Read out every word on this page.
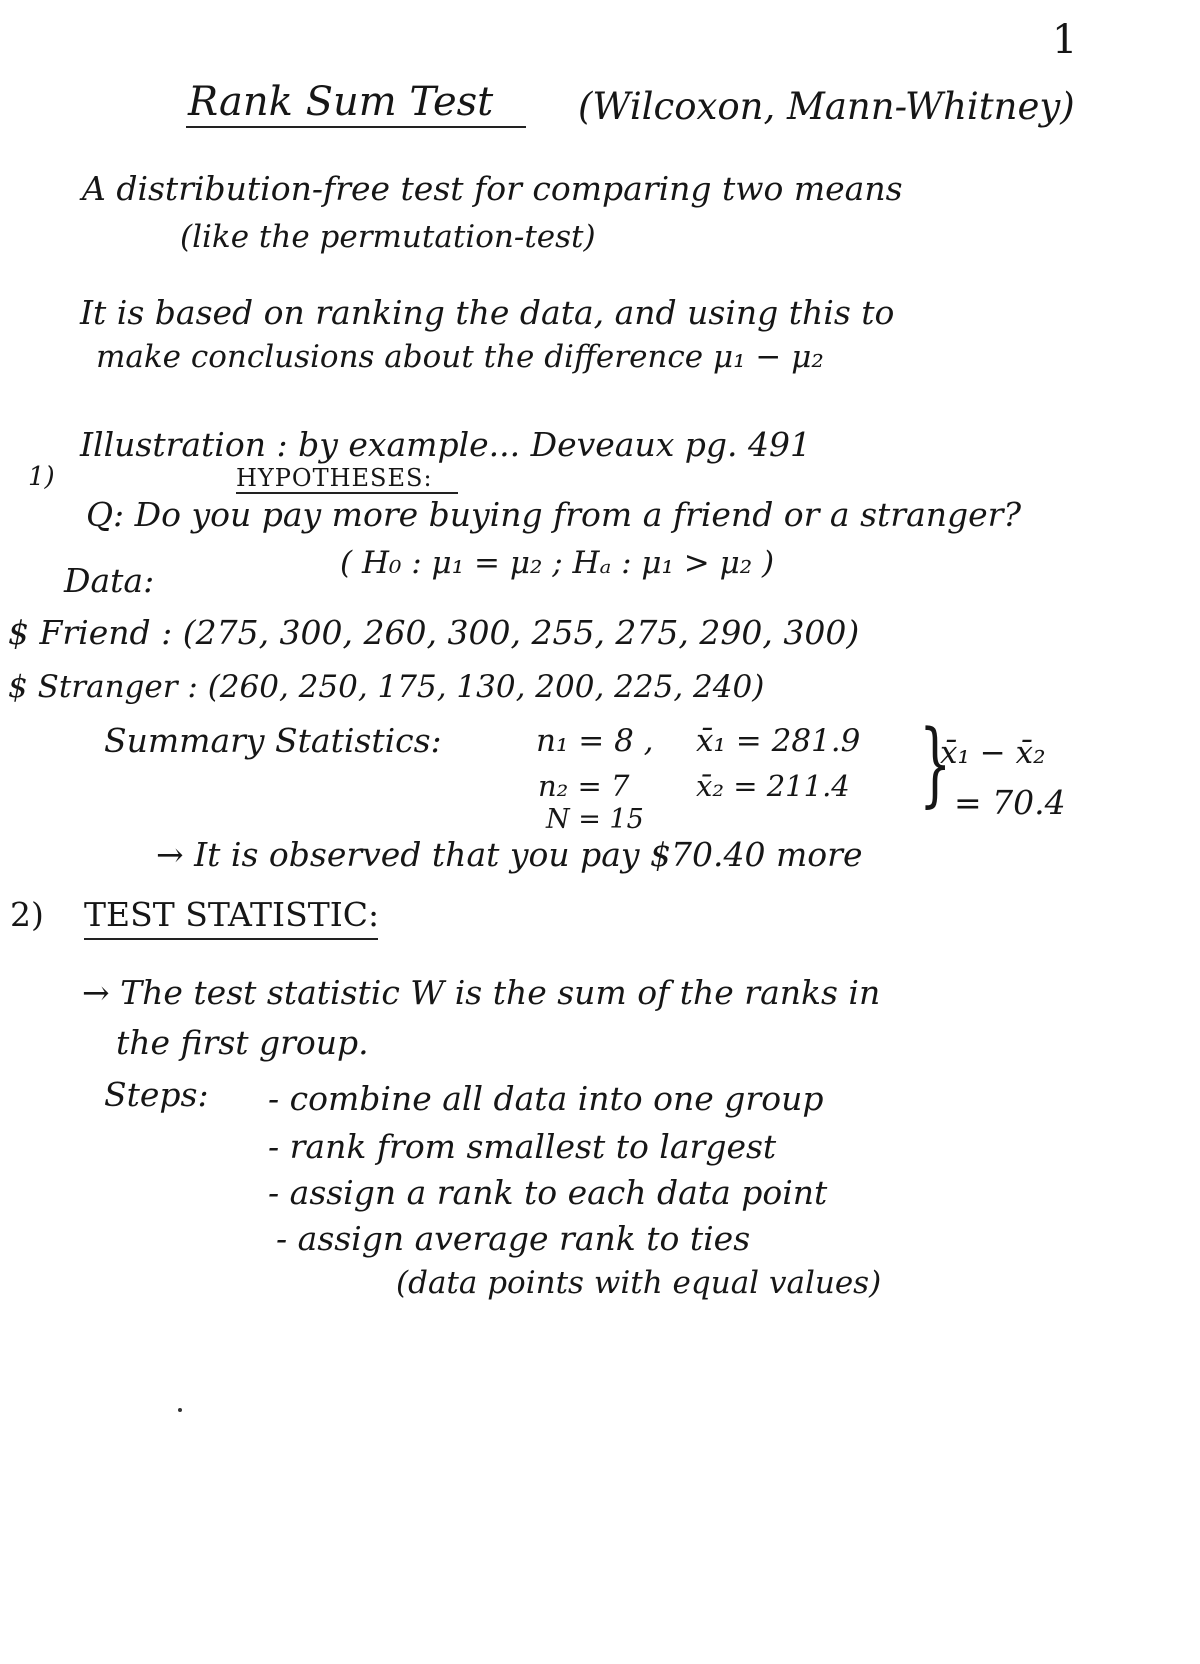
1
Rank Sum Test (Wilcoxon, Mann-Whitney)
A distribution-free test for comparing two means
(like the permutation-test)
It is based on ranking the data, and using this to
make conclusions about the difference μ₁ − μ₂
Illustration : by example... Deveaux pg. 491
1)	HYPOTHESES:
Q: Do you pay more buying from a friend or a stranger?
Data:	( H₀ : μ₁ = μ₂ ; Hₐ : μ₁ > μ₂ )
$ Friend : (275, 300, 260, 300, 255, 275, 290, 300)
$ Stranger : (260, 250, 175, 130, 200, 225, 240)
Summary Statistics:	n₁ = 8 , x̄₁ = 281.9
n₂ = 7 x̄₂ = 211.4
N = 15
}
x̄₁ − x̄₂
= 70.4
→ It is observed that you pay $70.40 more
2) TEST STATISTIC:
→ The test statistic W is the sum of the ranks in
the first group.
Steps: - combine all data into one group
- rank from smallest to largest
- assign a rank to each data point
- assign average rank to ties
(data points with equal values)
